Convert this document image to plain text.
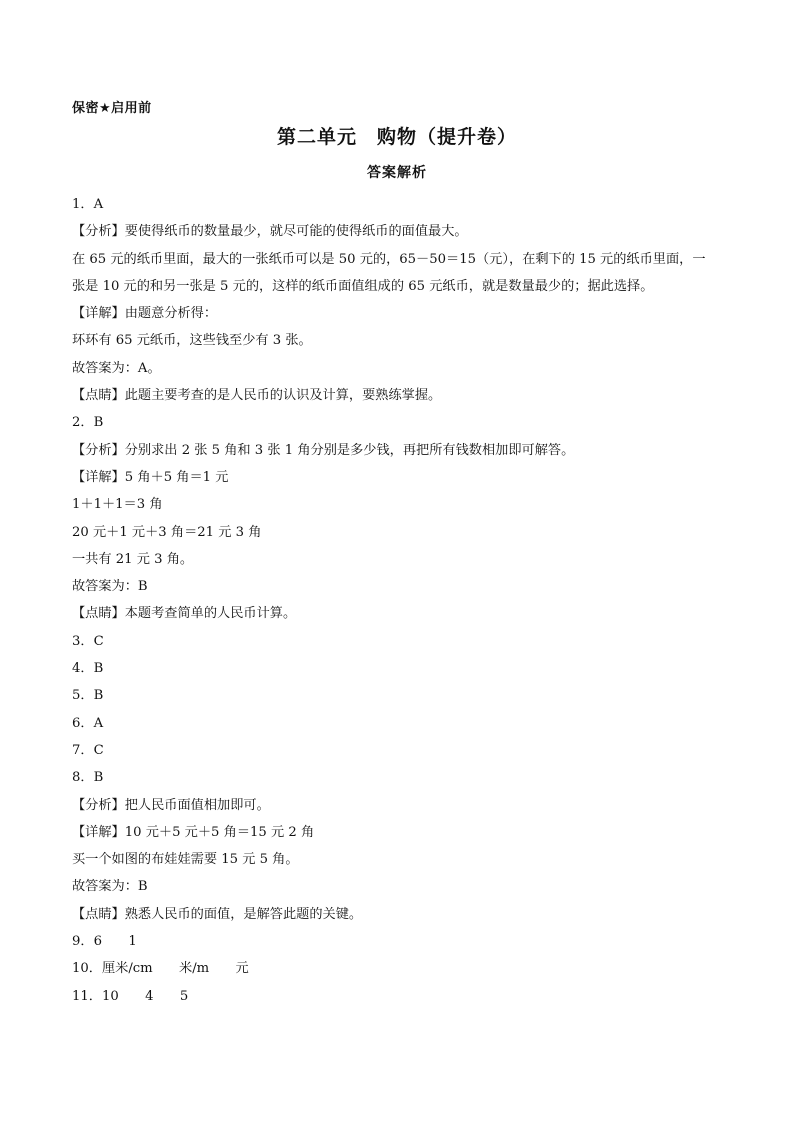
保密★启用前
第二单元　购物（提升卷）
答案解析
1．A
【分析】要使得纸币的数量最少，就尽可能的使得纸币的面值最大。
在 65 元的纸币里面，最大的一张纸币可以是 50 元的，65－50＝15（元），在剩下的 15 元的纸币里面，一
张是 10 元的和另一张是 5 元的，这样的纸币面值组成的 65 元纸币，就是数量最少的；据此选择。
【详解】由题意分析得：
环环有 65 元纸币，这些钱至少有 3 张。
故答案为：A。
【点睛】此题主要考查的是人民币的认识及计算，要熟练掌握。
2．B
【分析】分别求出 2 张 5 角和 3 张 1 角分别是多少钱，再把所有钱数相加即可解答。
【详解】5 角＋5 角＝1 元
1＋1＋1＝3 角
20 元＋1 元＋3 角＝21 元 3 角
一共有 21 元 3 角。
故答案为：B
【点睛】本题考查简单的人民币计算。
3．C
4．B
5．B
6．A
7．C
8．B
【分析】把人民币面值相加即可。
【详解】10 元＋5 元＋5 角＝15 元 2 角
买一个如图的布娃娃需要 15 元 5 角。
故答案为：B
【点睛】熟悉人民币的面值，是解答此题的关键。
9．6　　1
10．厘米/cm　　米/m　　元
11．10　　4　　5
